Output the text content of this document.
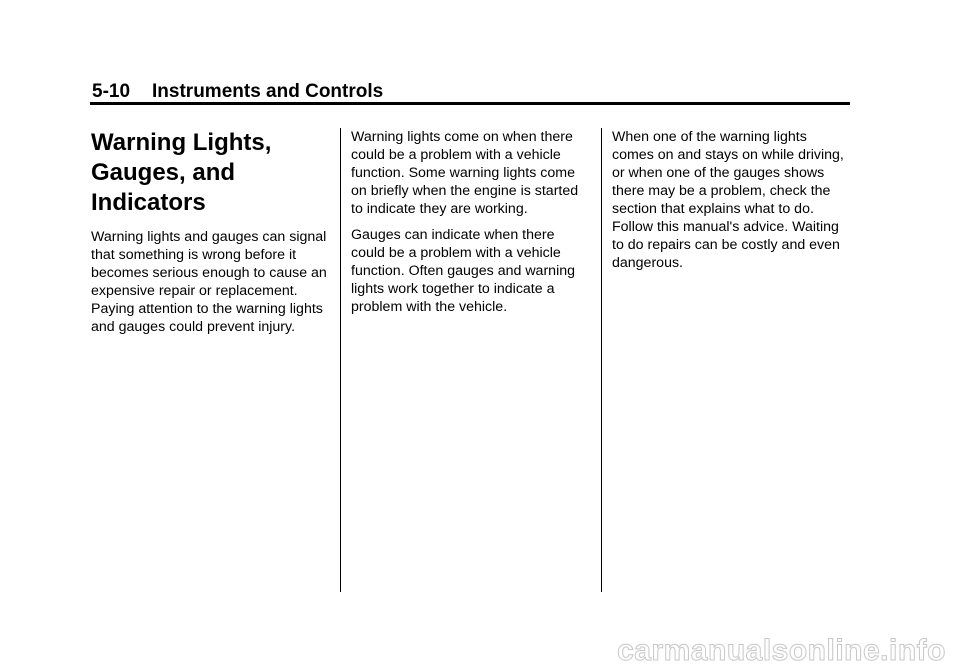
5-10 Instruments and Controls
Warning Lights, Gauges, and Indicators

Warning lights and gauges can signal that something is wrong before it becomes serious enough to cause an expensive repair or replacement. Paying attention to the warning lights and gauges could prevent injury.

Warning lights come on when there could be a problem with a vehicle function. Some warning lights come on briefly when the engine is started to indicate they are working.

Gauges can indicate when there could be a problem with a vehicle function. Often gauges and warning lights work together to indicate a problem with the vehicle.

When one of the warning lights comes on and stays on while driving, or when one of the gauges shows there may be a problem, check the section that explains what to do. Follow this manual's advice. Waiting to do repairs can be costly and even dangerous.

carmanualsonline.info
